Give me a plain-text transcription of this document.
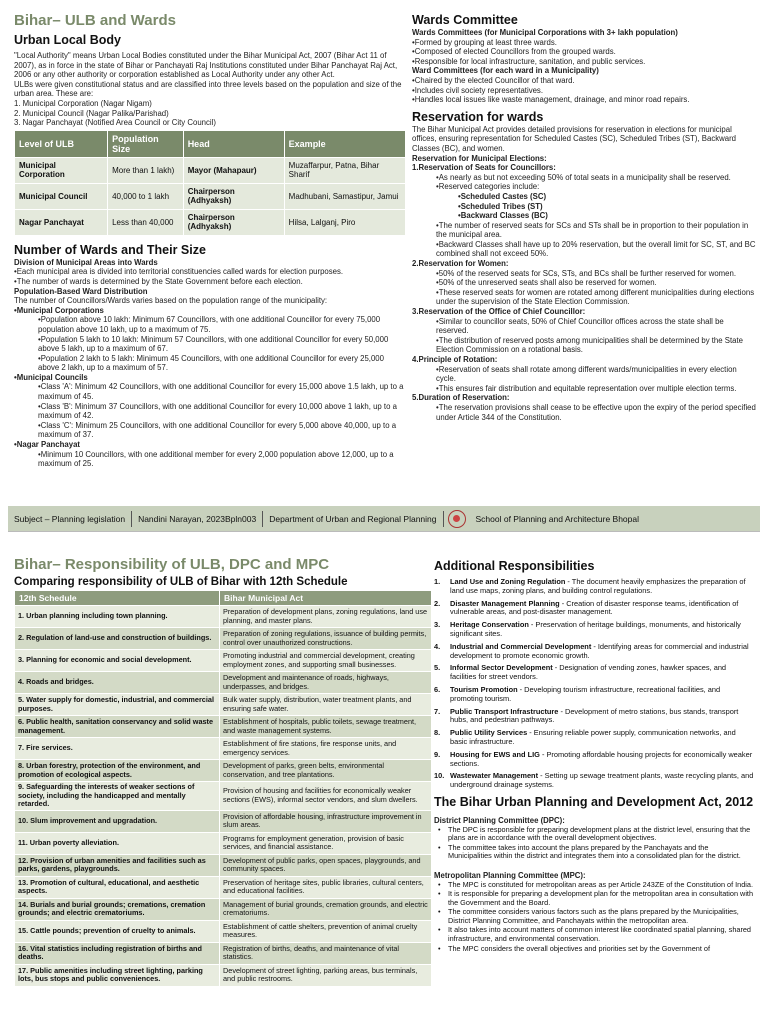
Bihar– ULB and Wards
Urban Local Body
"Local Authority" means Urban Local Bodies constituted under the Bihar Municipal Act, 2007 (Bihar Act 11 of 2007), as in force in the state of Bihar or Panchayati Raj Institutions constituted under Bihar Panchayat Raj Act, 2006 or any other authority or corporation established as Local Authority under any other Act.
ULBs were given constitutional status and are classified into three levels based on the population and size of the urban area. These are:
1. Municipal Corporation (Nagar Nigam)
2. Municipal Council (Nagar Palika/Parishad)
3. Nagar Panchayat (Notified Area Council or City Council)
Level of ULB	Population Size	Head	Example
Municipal Corporation	More than 1 lakh)	Mayor (Mahapaur)	Muzaffarpur, Patna, Bihar Sharif
Municipal Council	40,000 to 1 lakh	Chairperson (Adhyaksh)	Madhubani, Samastipur, Jamui
Nagar Panchayat	Less than 40,000	Chairperson (Adhyaksh)	Hilsa, Lalganj, Piro
Number of Wards and Their Size
Division of Municipal Areas into Wards
•Each municipal area is divided into territorial constituencies called wards for election purposes.
•The number of wards is determined by the State Government before each election.
Population-Based Ward Distribution
The number of Councillors/Wards varies based on the population range of the municipality:
•Municipal Corporations
•Population above 10 lakh: Minimum 67 Councillors, with one additional Councillor for every 75,000 population above 10 lakh, up to a maximum of 75.
•Population 5 lakh to 10 lakh: Minimum 57 Councillors, with one additional Councillor for every 50,000 above 5 lakh, up to a maximum of 67.
•Population 2 lakh to 5 lakh: Minimum 45 Councillors, with one additional Councillor for every 25,000 above 2 lakh, up to a maximum of 57.
•Municipal Councils
•Class 'A': Minimum 42 Councillors, with one additional Councillor for every 15,000 above 1.5 lakh, up to a maximum of 45.
•Class 'B': Minimum 37 Councillors, with one additional Councillor for every 10,000 above 1 lakh, up to a maximum of 42.
•Class 'C': Minimum 25 Councillors, with one additional Councillor for every 5,000 above 40,000, up to a maximum of 37.
•Nagar Panchayat
•Minimum 10 Councillors, with one additional member for every 2,000 population above 12,000, up to a maximum of 25.
Wards Committee
Wards Committees (for Municipal Corporations with 3+ lakh population)
•Formed by grouping at least three wards.
•Composed of elected Councillors from the grouped wards.
•Responsible for local infrastructure, sanitation, and public services.
Ward Committees (for each ward in a Municipality)
•Chaired by the elected Councillor of that ward.
•Includes civil society representatives.
•Handles local issues like waste management, drainage, and minor road repairs.
Reservation for wards
The Bihar Municipal Act provides detailed provisions for reservation in elections for municipal offices, ensuring representation for Scheduled Castes (SC), Scheduled Tribes (ST), Backward Classes (BC), and women.
Reservation for Municipal Elections:
1.Reservation of Seats for Councillors:
•As nearly as but not exceeding 50% of total seats in a municipality shall be reserved.
•Reserved categories include:
•Scheduled Castes (SC)
•Scheduled Tribes (ST)
•Backward Classes (BC)
•The number of reserved seats for SCs and STs shall be in proportion to their population in the municipal area.
•Backward Classes shall have up to 20% reservation, but the overall limit for SC, ST, and BC combined shall not exceed 50%.
2.Reservation for Women:
•50% of the reserved seats for SCs, STs, and BCs shall be further reserved for women.
•50% of the unreserved seats shall also be reserved for women.
•These reserved seats for women are rotated among different municipalities during elections under the supervision of the State Election Commission.
3.Reservation of the Office of Chief Councillor:
•Similar to councillor seats, 50% of Chief Councillor offices across the state shall be reserved.
•The distribution of reserved posts among municipalities shall be determined by the State Election Commission on a rotational basis.
4.Principle of Rotation:
•Reservation of seats shall rotate among different wards/municipalities in every election cycle.
•This ensures fair distribution and equitable representation over multiple election terms.
5.Duration of Reservation:
•The reservation provisions shall cease to be effective upon the expiry of the period specified under Article 344 of the Constitution.
Subject – Planning legislation	Nandini Narayan, 2023Bpln003	Department of Urban and Regional Planning	School of Planning and Architecture Bhopal
Bihar– Responsibility of ULB, DPC and MPC
Comparing responsibility of ULB of Bihar with 12th Schedule
12th Schedule	Bihar Municipal Act
1. Urban planning including town planning.	Preparation of development plans, zoning regulations, land use planning, and master plans.
2. Regulation of land-use and construction of buildings.	Preparation of zoning regulations, issuance of building permits, control over unauthorized constructions.
3. Planning for economic and social development.	Promoting industrial and commercial development, creating employment zones, and supporting small businesses.
4. Roads and bridges.	Development and maintenance of roads, highways, underpasses, and bridges.
5. Water supply for domestic, industrial, and commercial purposes.	Bulk water supply, distribution, water treatment plants, and ensuring safe water.
6. Public health, sanitation conservancy and solid waste management.	Establishment of hospitals, public toilets, sewage treatment, and waste management systems.
7. Fire services.	Establishment of fire stations, fire response units, and emergency services.
8. Urban forestry, protection of the environment, and promotion of ecological aspects.	Development of parks, green belts, environmental conservation, and tree plantations.
9. Safeguarding the interests of weaker sections of society, including the handicapped and mentally retarded.	Provision of housing and facilities for economically weaker sections (EWS), informal sector vendors, and slum dwellers.
10. Slum improvement and upgradation.	Provision of affordable housing, infrastructure improvement in slum areas.
11. Urban poverty alleviation.	Programs for employment generation, provision of basic services, and financial assistance.
12. Provision of urban amenities and facilities such as parks, gardens, playgrounds.	Development of public parks, open spaces, playgrounds, and community spaces.
13. Promotion of cultural, educational, and aesthetic aspects.	Preservation of heritage sites, public libraries, cultural centers, and educational facilities.
14. Burials and burial grounds; cremations, cremation grounds; and electric crematoriums.	Management of burial grounds, cremation grounds, and electric crematoriums.
15. Cattle pounds; prevention of cruelty to animals.	Establishment of cattle shelters, prevention of animal cruelty measures.
16. Vital statistics including registration of births and deaths.	Registration of births, deaths, and maintenance of vital statistics.
17. Public amenities including street lighting, parking lots, bus stops and public conveniences.	Development of street lighting, parking areas, bus terminals, and public restrooms.
Additional Responsibilities
1.	Land Use and Zoning Regulation - The document heavily emphasizes the preparation of land use maps, zoning plans, and building control regulations.
2.	Disaster Management Planning - Creation of disaster response teams, identification of vulnerable areas, and post-disaster management.
3.	Heritage Conservation - Preservation of heritage buildings, monuments, and historically significant sites.
4.	Industrial and Commercial Development - Identifying areas for commercial and industrial development to promote economic growth.
5.	Informal Sector Development - Designation of vending zones, hawker spaces, and facilities for street vendors.
6.	Tourism Promotion - Developing tourism infrastructure, recreational facilities, and promoting tourism.
7.	Public Transport Infrastructure - Development of metro stations, bus stands, transport hubs, and pedestrian pathways.
8.	Public Utility Services - Ensuring reliable power supply, communication networks, and basic infrastructure.
9.	Housing for EWS and LIG - Promoting affordable housing projects for economically weaker sections.
10. Wastewater Management - Setting up sewage treatment plants, waste recycling plants, and underground drainage systems.
The Bihar Urban Planning and Development Act, 2012
District Planning Committee (DPC):
• The DPC is responsible for preparing development plans at the district level, ensuring that the plans are in accordance with the overall development objectives.
• The committee takes into account the plans prepared by the Panchayats and the Municipalities within the district and integrates them into a consolidated plan for the district.
Metropolitan Planning Committee (MPC):
• The MPC is constituted for metropolitan areas as per Article 243ZE of the Constitution of India.
• It is responsible for preparing a development plan for the metropolitan area in consultation with the Government and the Board.
• The committee considers various factors such as the plans prepared by the Municipalities, District Planning Committee, and Panchayats within the metropolitan area.
• It also takes into account matters of common interest like coordinated spatial planning, shared infrastructure, and environmental conservation.
• The MPC considers the overall objectives and priorities set by the Government of
